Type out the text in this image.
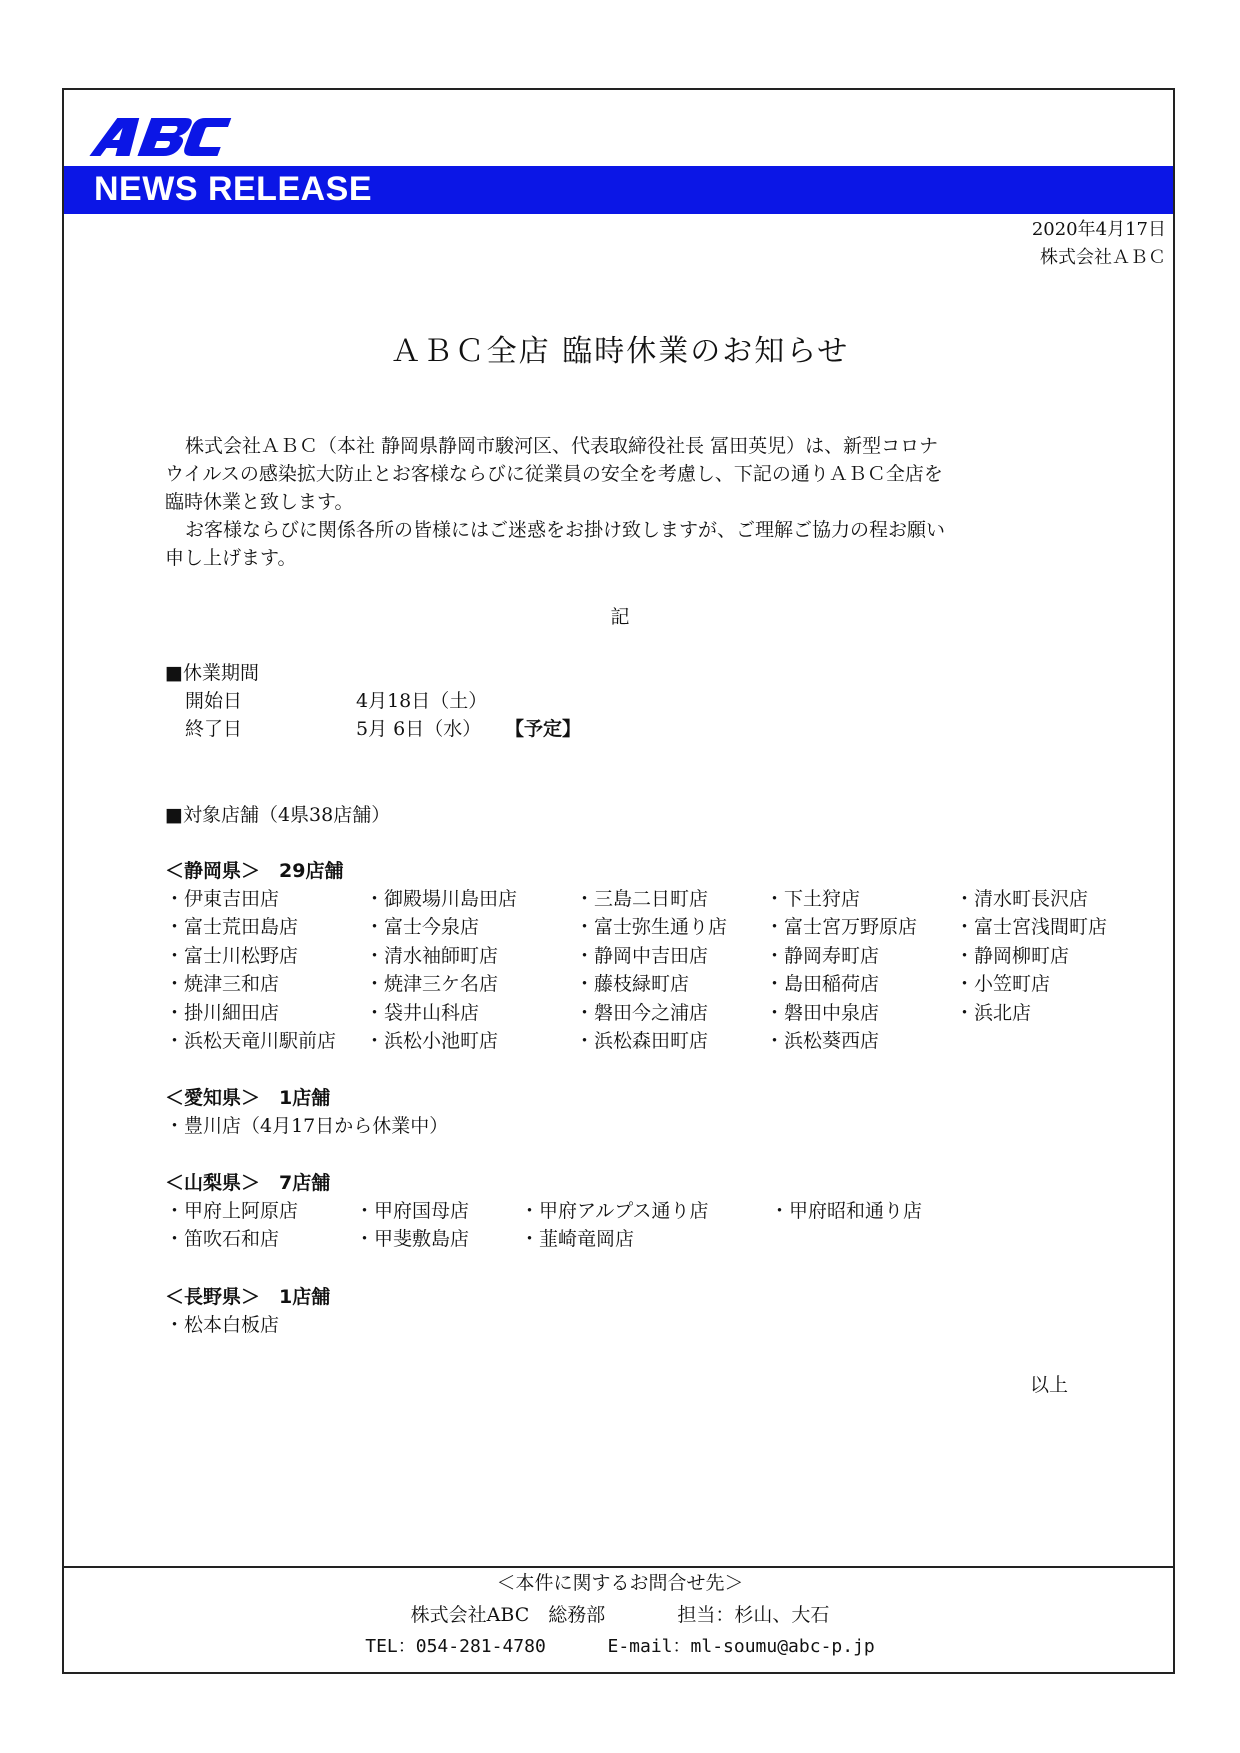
NEWS RELEASE
2020年4月17日
株式会社ＡＢＣ
ＡＢＣ全店 臨時休業のお知らせ

株式会社ＡＢＣ（本社 静岡県静岡市駿河区、代表取締役社長 冨田英児）は、新型コロナ

ウイルスの感染拡大防止とお客様ならびに従業員の安全を考慮し、下記の通りＡＢＣ全店を
臨時休業と致します。

お客様ならびに関係各所の皆様にはご迷惑をお掛け致しますが、ご理解ご協力の程お願い

申し上げます。
記
■休業期間
開始日	4月18日（土）
終了日	5月 6日（水） 【予定】
■対象店舗（4県38店舗）
＜静岡県＞　29店舗
・伊東吉田店	・御殿場川島田店	・三島二日町店	・下土狩店	・清水町長沢店
・富士荒田島店	・富士今泉店	・富士弥生通り店 ・富士宮万野原店 ・富士宮浅間町店
・富士川松野店	・清水袖師町店	・静岡中吉田店	・静岡寿町店	・静岡柳町店
・焼津三和店	・焼津三ケ名店	・藤枝緑町店	・島田稲荷店	・小笠町店
・掛川細田店	・袋井山科店	・磐田今之浦店	・磐田中泉店	・浜北店
・浜松天竜川駅前店 ・浜松小池町店	・浜松森田町店	・浜松葵西店
＜愛知県＞　1店舗
・豊川店（4月17日から休業中）
＜山梨県＞　7店舗
・甲府上阿原店	・甲府国母店	・甲府アルプス通り店	・甲府昭和通り店
・笛吹石和店	・甲斐敷島店	・韮崎竜岡店
＜長野県＞　1店舗
・松本白板店
以上
＜本件に関するお問合せ先＞
株式会社ABC　総務部	担当：杉山、大石
TEL：054-281-4780	E-mail：ml-soumu@abc-p.jp
